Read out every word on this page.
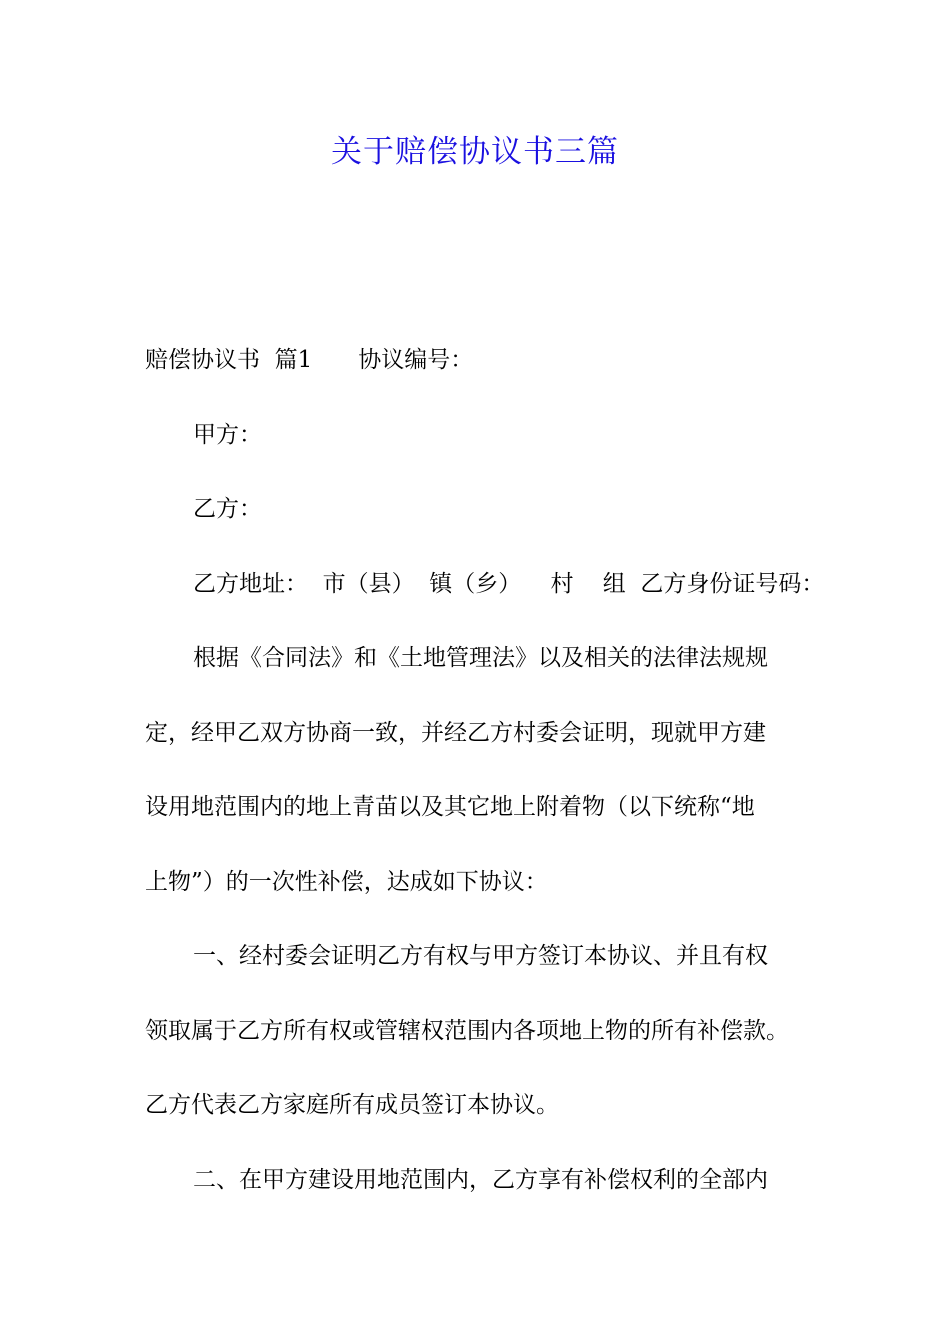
关于赔偿协议书三篇
赔偿协议书  篇1 协议编号：
甲方：
乙方：
乙方地址：  市（县）  镇（乡）    村    组  乙方身份证号码：
根据《合同法》和《土地管理法》以及相关的法律法规规
定，经甲乙双方协商一致，并经乙方村委会证明，现就甲方建
设用地范围内的地上青苗以及其它地上附着物（以下统称“地
上物”）的一次性补偿，达成如下协议：
一、经村委会证明乙方有权与甲方签订本协议、并且有权
领取属于乙方所有权或管辖权范围内各项地上物的所有补偿款。
乙方代表乙方家庭所有成员签订本协议。
二、在甲方建设用地范围内，乙方享有补偿权利的全部内
